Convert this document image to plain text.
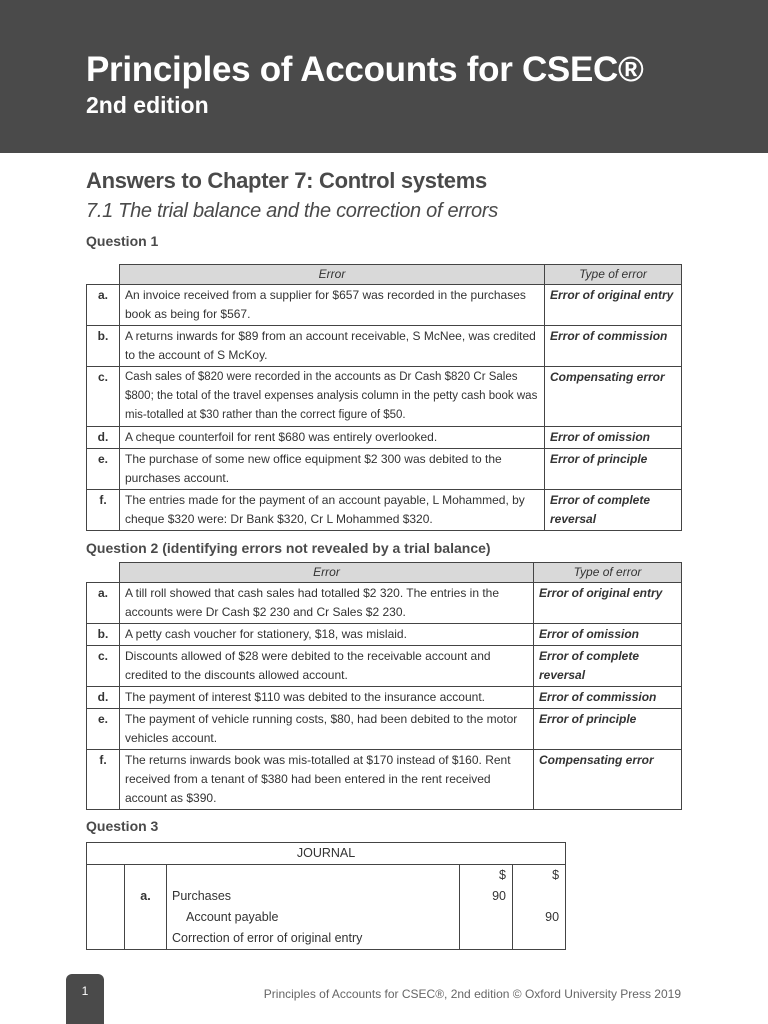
Principles of Accounts for CSEC®
2nd edition
Answers to Chapter 7: Control systems
7.1 The trial balance and the correction of errors
Question 1
	Error	Type of error
a.	An invoice received from a supplier for $657 was recorded in the purchases book as being for $567.	Error of original entry
b.	A returns inwards for $89 from an account receivable, S McNee, was credited to the account of S McKoy.	Error of commission
c.	Cash sales of $820 were recorded in the accounts as Dr Cash $820 Cr Sales $800; the total of the travel expenses analysis column in the petty cash book was mis-totalled at $30 rather than the correct figure of $50.	Compensating error
d.	A cheque counterfoil for rent $680 was entirely overlooked.	Error of omission
e.	The purchase of some new office equipment $2 300 was debited to the purchases account.	Error of principle
f.	The entries made for the payment of an account payable, L Mohammed, by cheque $320 were: Dr Bank $320, Cr L Mohammed $320.	Error of complete reversal
Question 2 (identifying errors not revealed by a trial balance)
	Error	Type of error
a.	A till roll showed that cash sales had totalled $2 320. The entries in the accounts were Dr Cash $2 230 and Cr Sales $2 230.	Error of original entry
b.	A petty cash voucher for stationery, $18, was mislaid.	Error of omission
c.	Discounts allowed of $28 were debited to the receivable account and credited to the discounts allowed account.	Error of complete reversal
d.	The payment of interest $110 was debited to the insurance account.	Error of commission
e.	The payment of vehicle running costs, $80, had been debited to the motor vehicles account.	Error of principle
f.	The returns inwards book was mis-totalled at $170 instead of $160. Rent received from a tenant of $380 had been entered in the rent received account as $390.	Compensating error
Question 3
JOURNAL				
			$	$
	a.	Purchases	90	
		Account payable		90
		Correction of error of original entry		
1	Principles of Accounts for CSEC®, 2nd edition © Oxford University Press 2019
